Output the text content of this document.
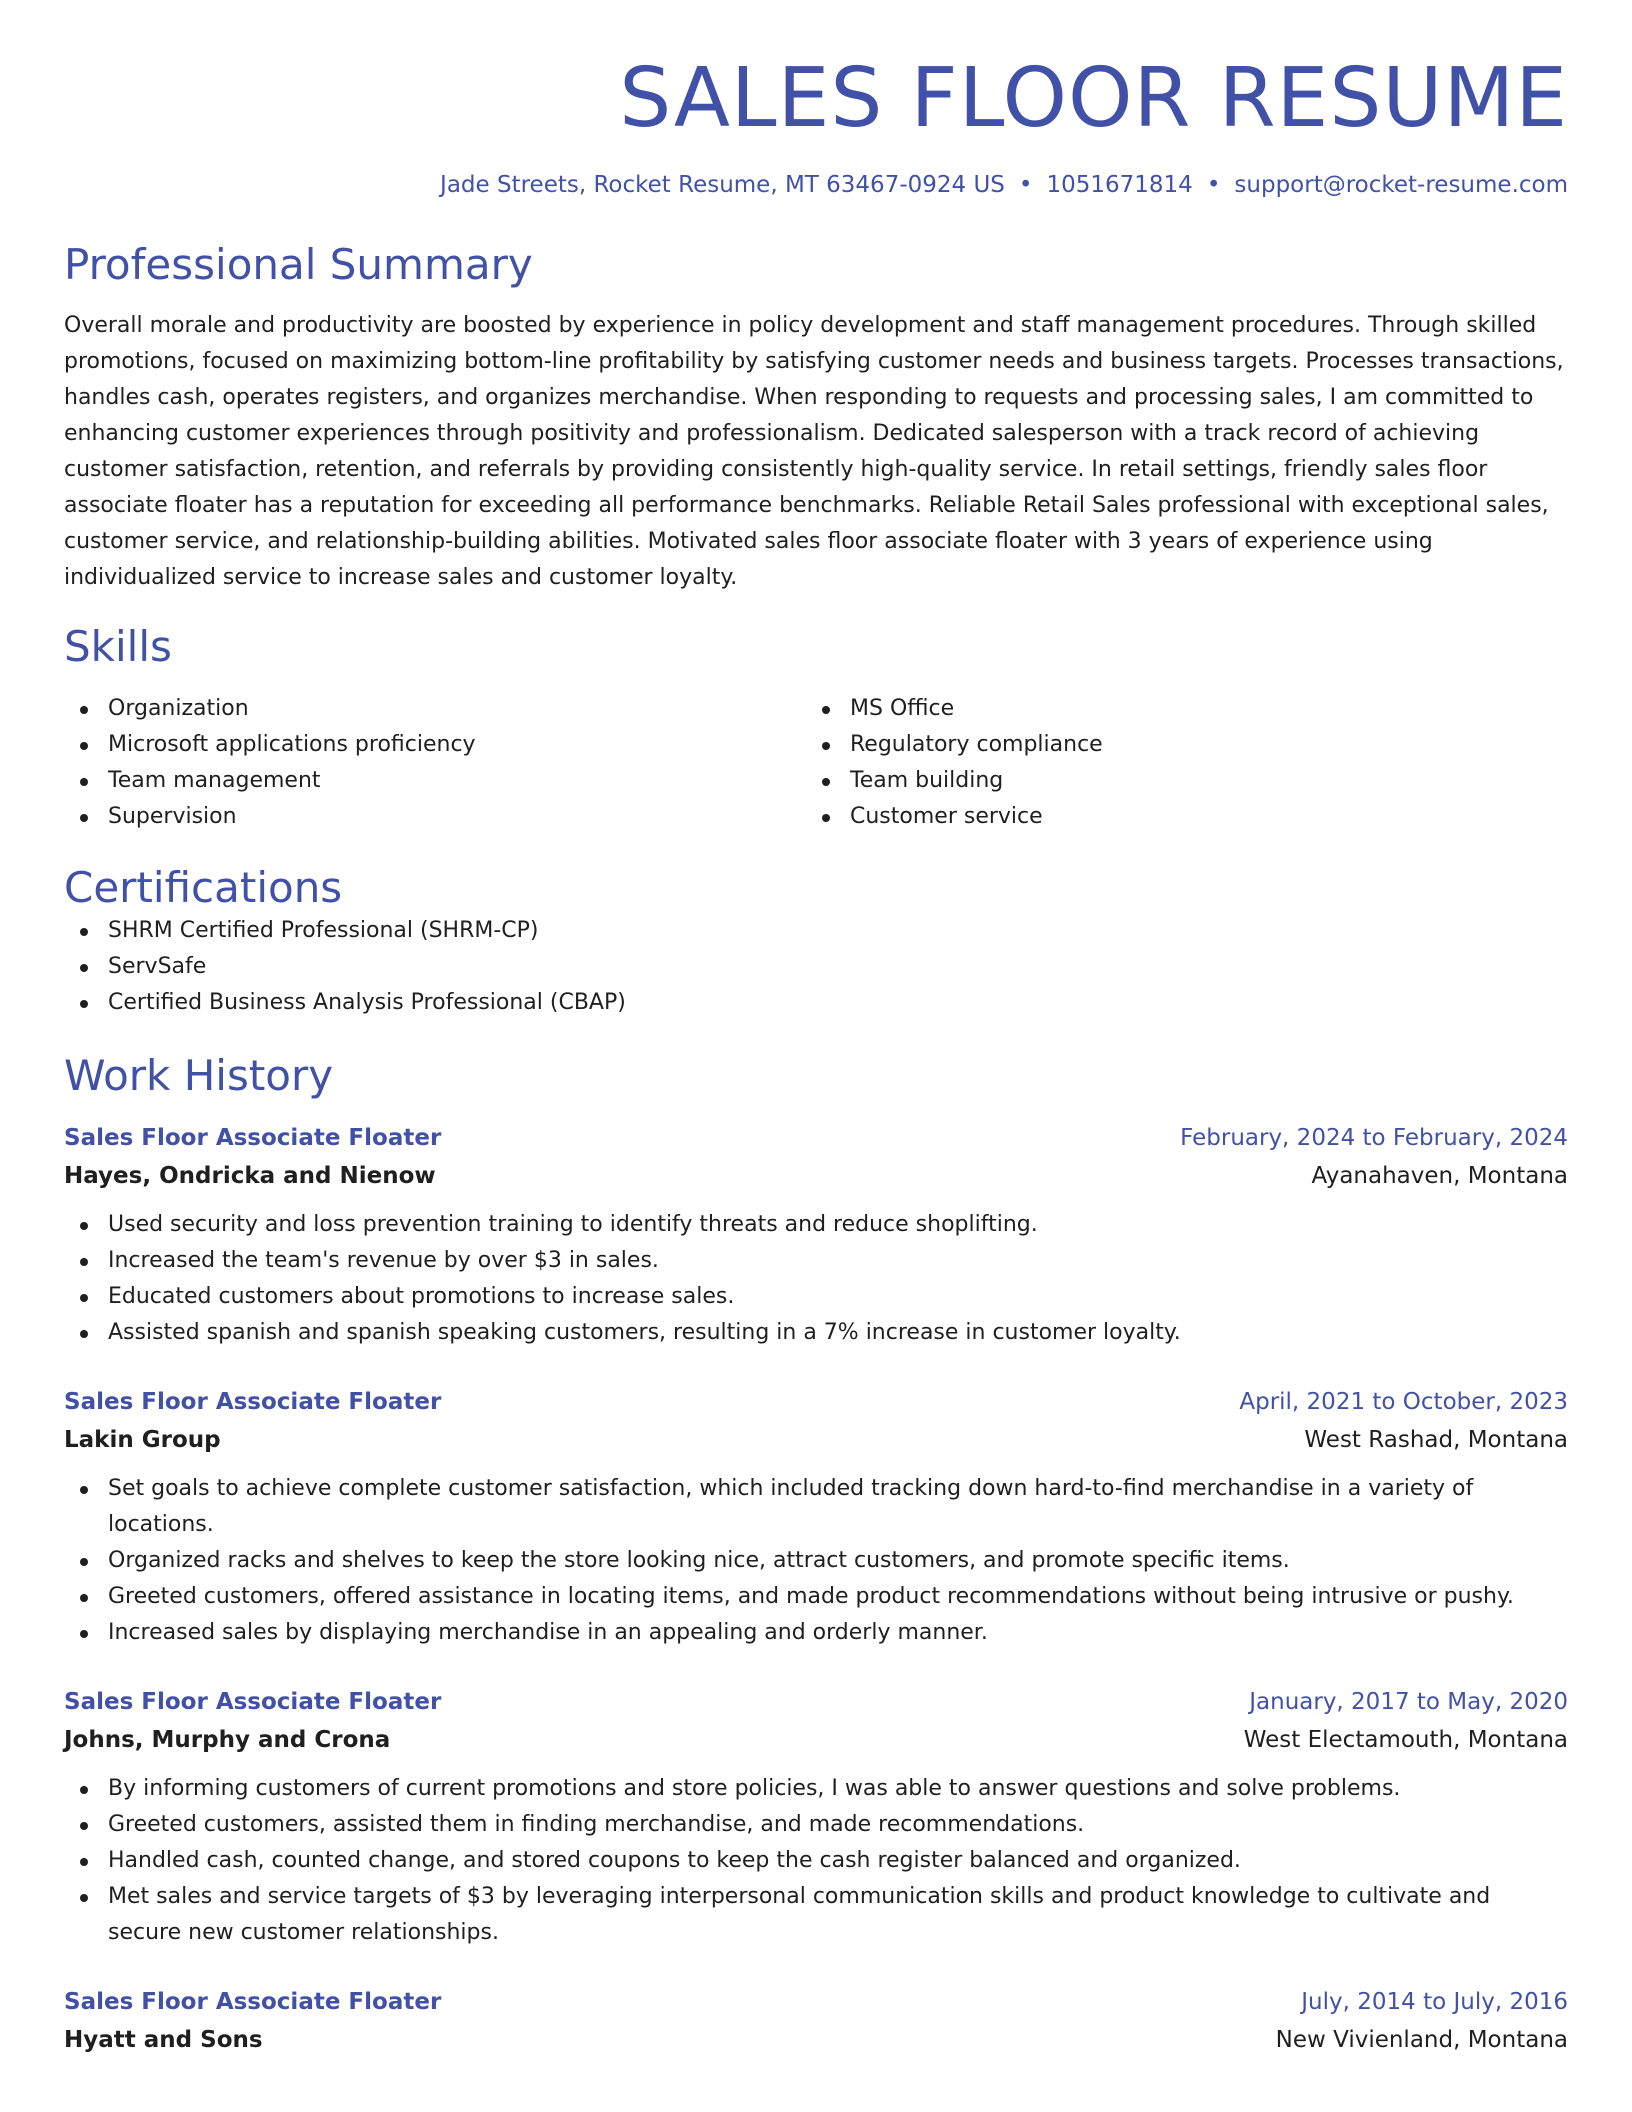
SALES FLOOR RESUME
Jade Streets, Rocket Resume, MT 63467-0924 US • 1051671814 • support@rocket-resume.com
Professional Summary
Overall morale and productivity are boosted by experience in policy development and staff management procedures. Through skilled promotions, focused on maximizing bottom-line profitability by satisfying customer needs and business targets. Processes transactions, handles cash, operates registers, and organizes merchandise. When responding to requests and processing sales, I am committed to enhancing customer experiences through positivity and professionalism. Dedicated salesperson with a track record of achieving customer satisfaction, retention, and referrals by providing consistently high-quality service. In retail settings, friendly sales floor associate floater has a reputation for exceeding all performance benchmarks. Reliable Retail Sales professional with exceptional sales, customer service, and relationship-building abilities. Motivated sales floor associate floater with 3 years of experience using individualized service to increase sales and customer loyalty.
Skills
Organization
Microsoft applications proficiency
Team management
Supervision
MS Office
Regulatory compliance
Team building
Customer service
Certifications
SHRM Certified Professional (SHRM-CP)
ServSafe
Certified Business Analysis Professional (CBAP)
Work History
Sales Floor Associate Floater	February, 2024 to February, 2024
Hayes, Ondricka and Nienow	Ayanahaven, Montana
Used security and loss prevention training to identify threats and reduce shoplifting.
Increased the team's revenue by over $3 in sales.
Educated customers about promotions to increase sales.
Assisted spanish and spanish speaking customers, resulting in a 7% increase in customer loyalty.
Sales Floor Associate Floater	April, 2021 to October, 2023
Lakin Group	West Rashad, Montana
Set goals to achieve complete customer satisfaction, which included tracking down hard-to-find merchandise in a variety of locations.
Organized racks and shelves to keep the store looking nice, attract customers, and promote specific items.
Greeted customers, offered assistance in locating items, and made product recommendations without being intrusive or pushy.
Increased sales by displaying merchandise in an appealing and orderly manner.
Sales Floor Associate Floater	January, 2017 to May, 2020
Johns, Murphy and Crona	West Electamouth, Montana
By informing customers of current promotions and store policies, I was able to answer questions and solve problems.
Greeted customers, assisted them in finding merchandise, and made recommendations.
Handled cash, counted change, and stored coupons to keep the cash register balanced and organized.
Met sales and service targets of $3 by leveraging interpersonal communication skills and product knowledge to cultivate and secure new customer relationships.
Sales Floor Associate Floater	July, 2014 to July, 2016
Hyatt and Sons	New Vivienland, Montana
